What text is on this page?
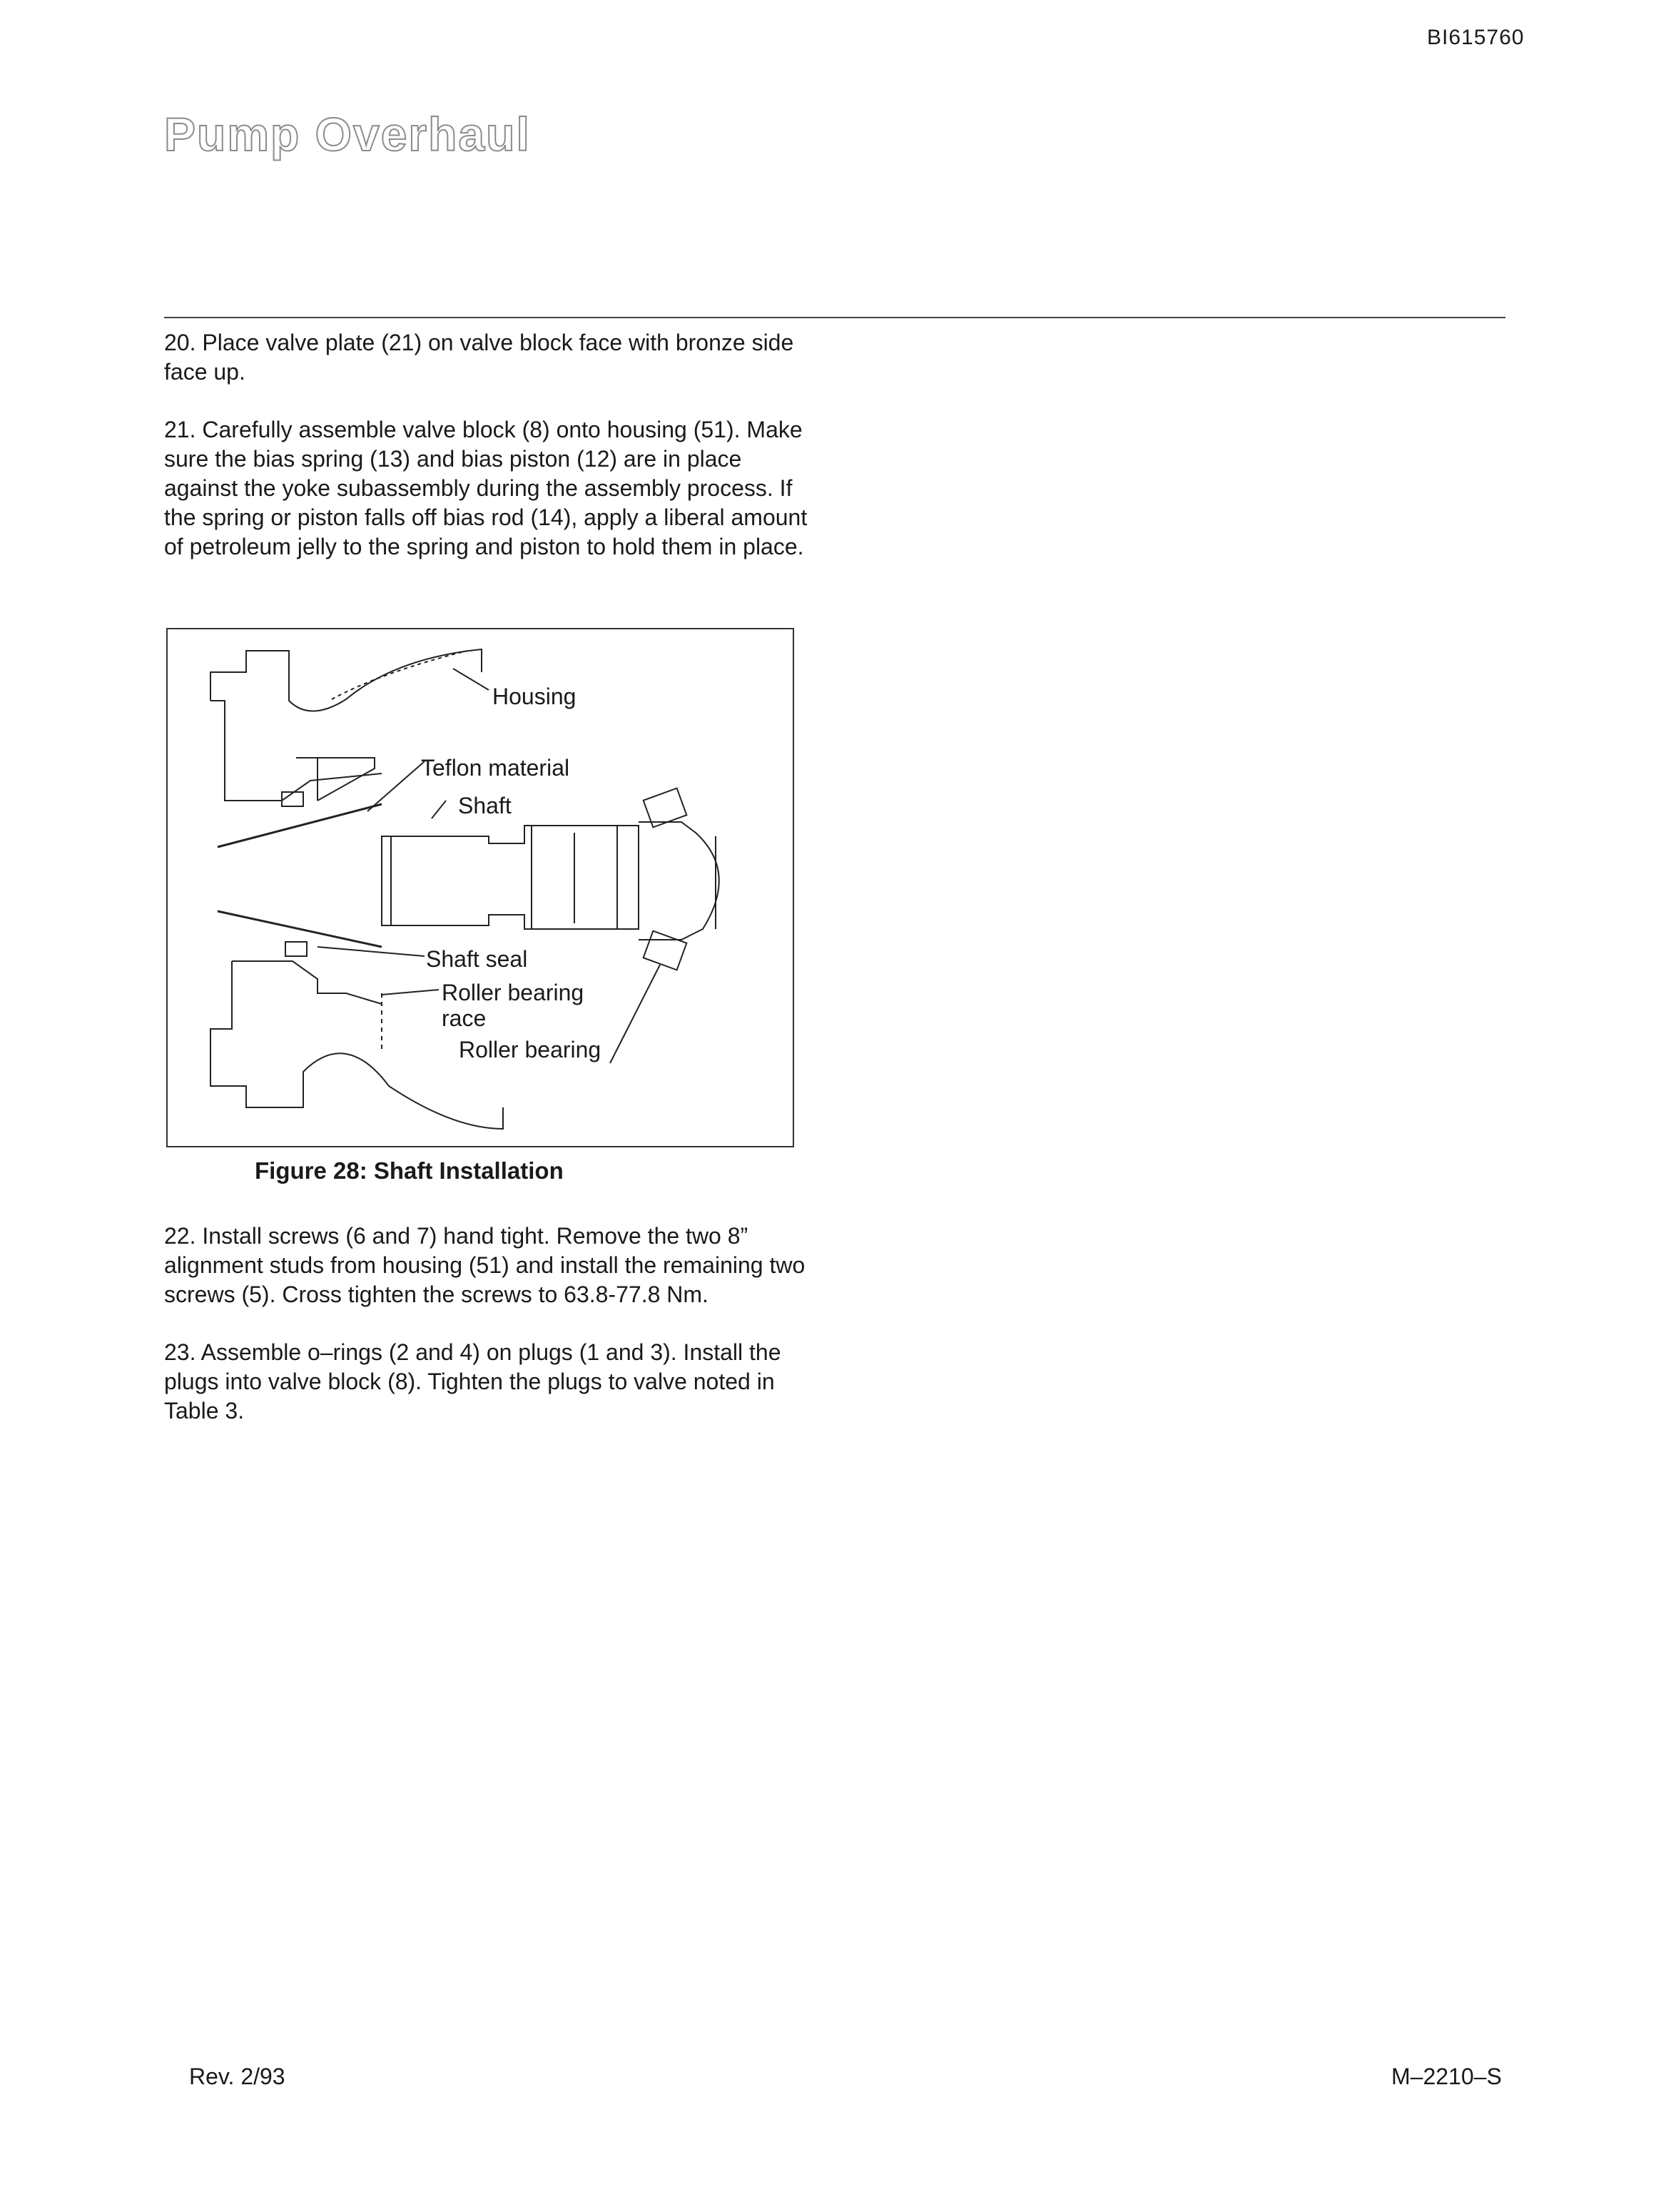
BI615760
Pump Overhaul

20. Place valve plate (21) on valve block face with bronze side face up.

21. Carefully assemble valve block (8) onto housing (51). Make sure the bias spring (13) and bias piston (12) are in place against the yoke subassembly during the assembly process. If the spring or piston falls off bias rod (14), apply a liberal amount of petroleum jelly to the spring and piston to hold them in place.

Housing
Teflon material
Shaft
Shaft seal
Roller bearing
race
Roller bearing
Figure 28: Shaft Installation

22. Install screws (6 and 7) hand tight. Remove the two 8” alignment studs from housing (51) and install the remaining two screws (5). Cross tighten the screws to 63.8-77.8 Nm.

23. Assemble o–rings (2 and 4) on plugs (1 and 3). Install the plugs into valve block (8). Tighten the plugs to valve noted in Table 3.

Rev. 2/93	M–2210–S
